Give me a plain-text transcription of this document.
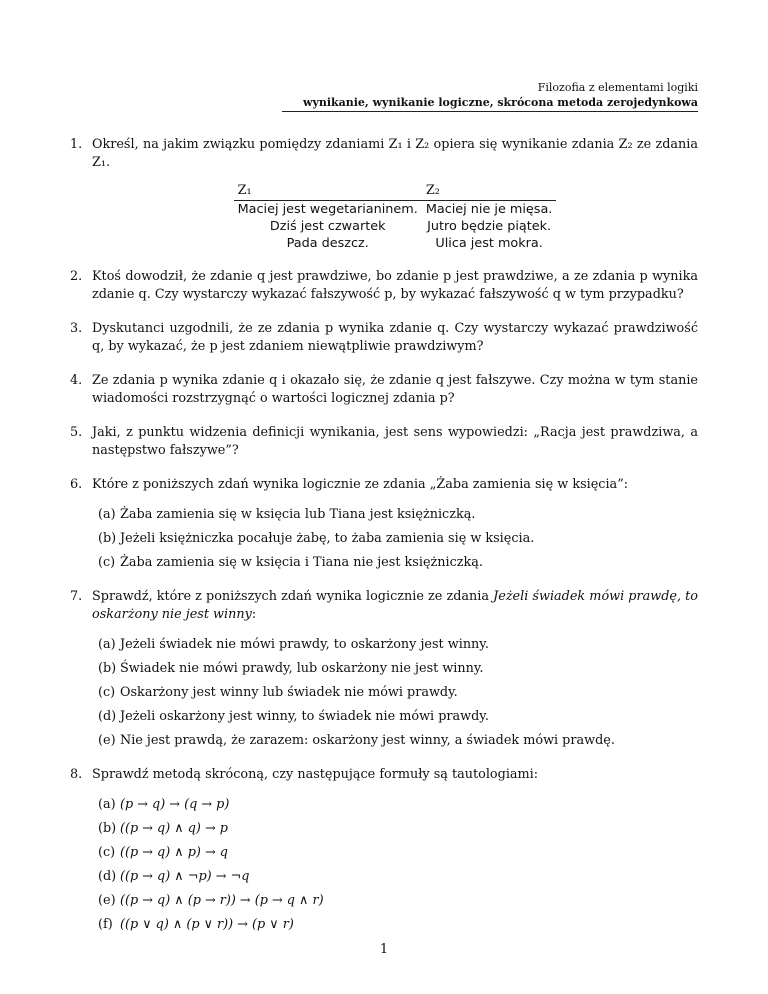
Filozofia z elementami logiki
wynikanie, wynikanie logiczne, skrócona metoda zerojedynkowa
1. Określ, na jakim związku pomiędzy zdaniami Z₁ i Z₂ opiera się wynikanie zdania Z₂ ze zdania Z₁.
Z₁	Z₂
Maciej jest wegetarianinem.	Maciej nie je mięsa.
Dziś jest czwartek	Jutro będzie piątek.
Pada deszcz.	Ulica jest mokra.
2. Ktoś dowodził, że zdanie q jest prawdziwe, bo zdanie p jest prawdziwe, a ze zdania p wynika zdanie q. Czy wystarczy wykazać fałszywość p, by wykazać fałszywość q w tym przypadku?
3. Dyskutanci uzgodnili, że ze zdania p wynika zdanie q. Czy wystarczy wykazać prawdziwość q, by wykazać, że p jest zdaniem niewątpliwie prawdziwym?
4. Ze zdania p wynika zdanie q i okazało się, że zdanie q jest fałszywe. Czy można w tym stanie wiadomości rozstrzygnąć o wartości logicznej zdania p?
5. Jaki, z punktu widzenia definicji wynikania, jest sens wypowiedzi: „Racja jest prawdziwa, a następstwo fałszywe”?
6. Które z poniższych zdań wynika logicznie ze zdania „Żaba zamienia się w księcia”:
(a) Żaba zamienia się w księcia lub Tiana jest księżniczką.
(b) Jeżeli księżniczka pocałuje żabę, to żaba zamienia się w księcia.
(c) Żaba zamienia się w księcia i Tiana nie jest księżniczką.
7. Sprawdź, które z poniższych zdań wynika logicznie ze zdania Jeżeli świadek mówi prawdę, to oskarżony nie jest winny:
(a) Jeżeli świadek nie mówi prawdy, to oskarżony jest winny.
(b) Świadek nie mówi prawdy, lub oskarżony nie jest winny.
(c) Oskarżony jest winny lub świadek nie mówi prawdy.
(d) Jeżeli oskarżony jest winny, to świadek nie mówi prawdy.
(e) Nie jest prawdą, że zarazem: oskarżony jest winny, a świadek mówi prawdę.
8. Sprawdź metodą skróconą, czy następujące formuły są tautologiami:
(a) (p → q) → (q → p)
(b) ((p → q) ∧ q) → p
(c) ((p → q) ∧ p) → q
(d) ((p → q) ∧ ¬p) → ¬q
(e) ((p → q) ∧ (p → r)) → (p → q ∧ r)
(f) ((p ∨ q) ∧ (p ∨ r)) → (p ∨ r)
1
